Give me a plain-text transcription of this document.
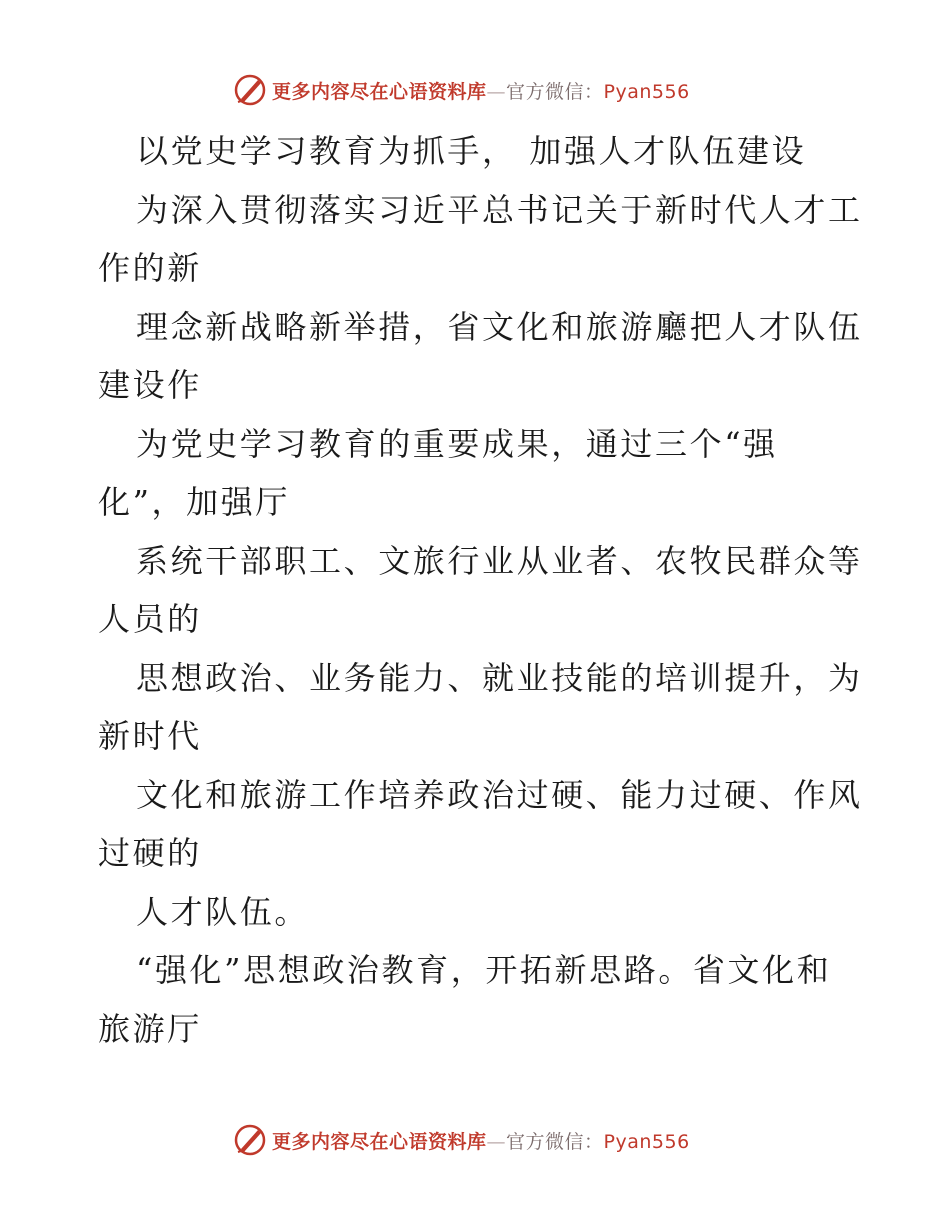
更多内容尽在心语资料库—官方微信：Pyan556
以党史学习教育为抓手， 加强人才队伍建设
为深入贯彻落实习近平总书记关于新时代人才工
作的新
理念新战略新举措，省文化和旅游廳把人才队伍
建设作
为党史学习教育的重要成果，通过三个“强
化”，加强厅
系统干部职工、文旅行业从业者、农牧民群众等
人员的
思想政治、业务能力、就业技能的培训提升，为
新时代
文化和旅游工作培养政治过硬、能力过硬、作风
过硬的
人才队伍。
“强化”思想政治教育，开拓新思路。省文化和
旅游厅
更多内容尽在心语资料库—官方微信：Pyan556
